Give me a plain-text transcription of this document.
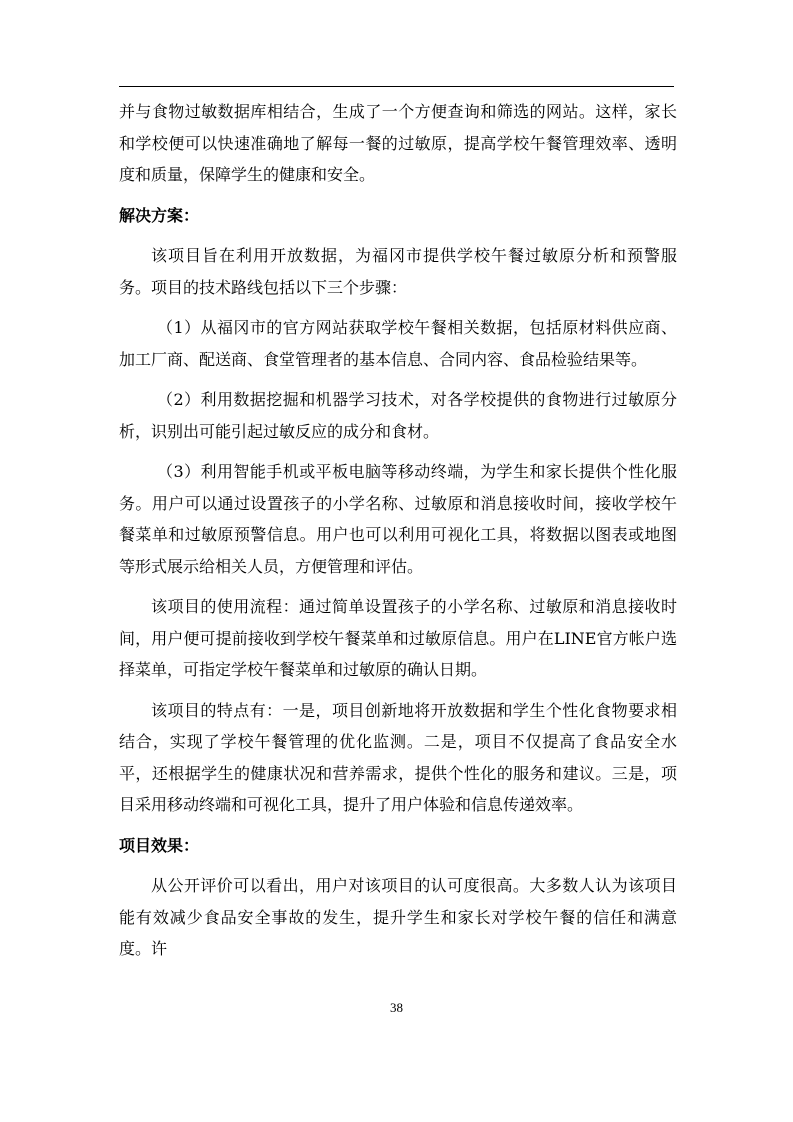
并与食物过敏数据库相结合，生成了一个方便查询和筛选的网站。这样，家长和学校便可以快速准确地了解每一餐的过敏原，提高学校午餐管理效率、透明度和质量，保障学生的健康和安全。

解决方案：

该项目旨在利用开放数据，为福冈市提供学校午餐过敏原分析和预警服务。项目的技术路线包括以下三个步骤：

（1）从福冈市的官方网站获取学校午餐相关数据，包括原材料供应商、加工厂商、配送商、食堂管理者的基本信息、合同内容、食品检验结果等。

（2）利用数据挖掘和机器学习技术，对各学校提供的食物进行过敏原分析，识别出可能引起过敏反应的成分和食材。

（3）利用智能手机或平板电脑等移动终端，为学生和家长提供个性化服务。用户可以通过设置孩子的小学名称、过敏原和消息接收时间，接收学校午餐菜单和过敏原预警信息。用户也可以利用可视化工具，将数据以图表或地图等形式展示给相关人员，方便管理和评估。

该项目的使用流程：通过简单设置孩子的小学名称、过敏原和消息接收时间，用户便可提前接收到学校午餐菜单和过敏原信息。用户在LINE官方帐户选择菜单，可指定学校午餐菜单和过敏原的确认日期。

该项目的特点有：一是，项目创新地将开放数据和学生个性化食物要求相结合，实现了学校午餐管理的优化监测。二是，项目不仅提高了食品安全水平，还根据学生的健康状况和营养需求，提供个性化的服务和建议。三是，项目采用移动终端和可视化工具，提升了用户体验和信息传递效率。

项目效果：

从公开评价可以看出，用户对该项目的认可度很高。大多数人认为该项目能有效减少食品安全事故的发生，提升学生和家长对学校午餐的信任和满意度。许

38
